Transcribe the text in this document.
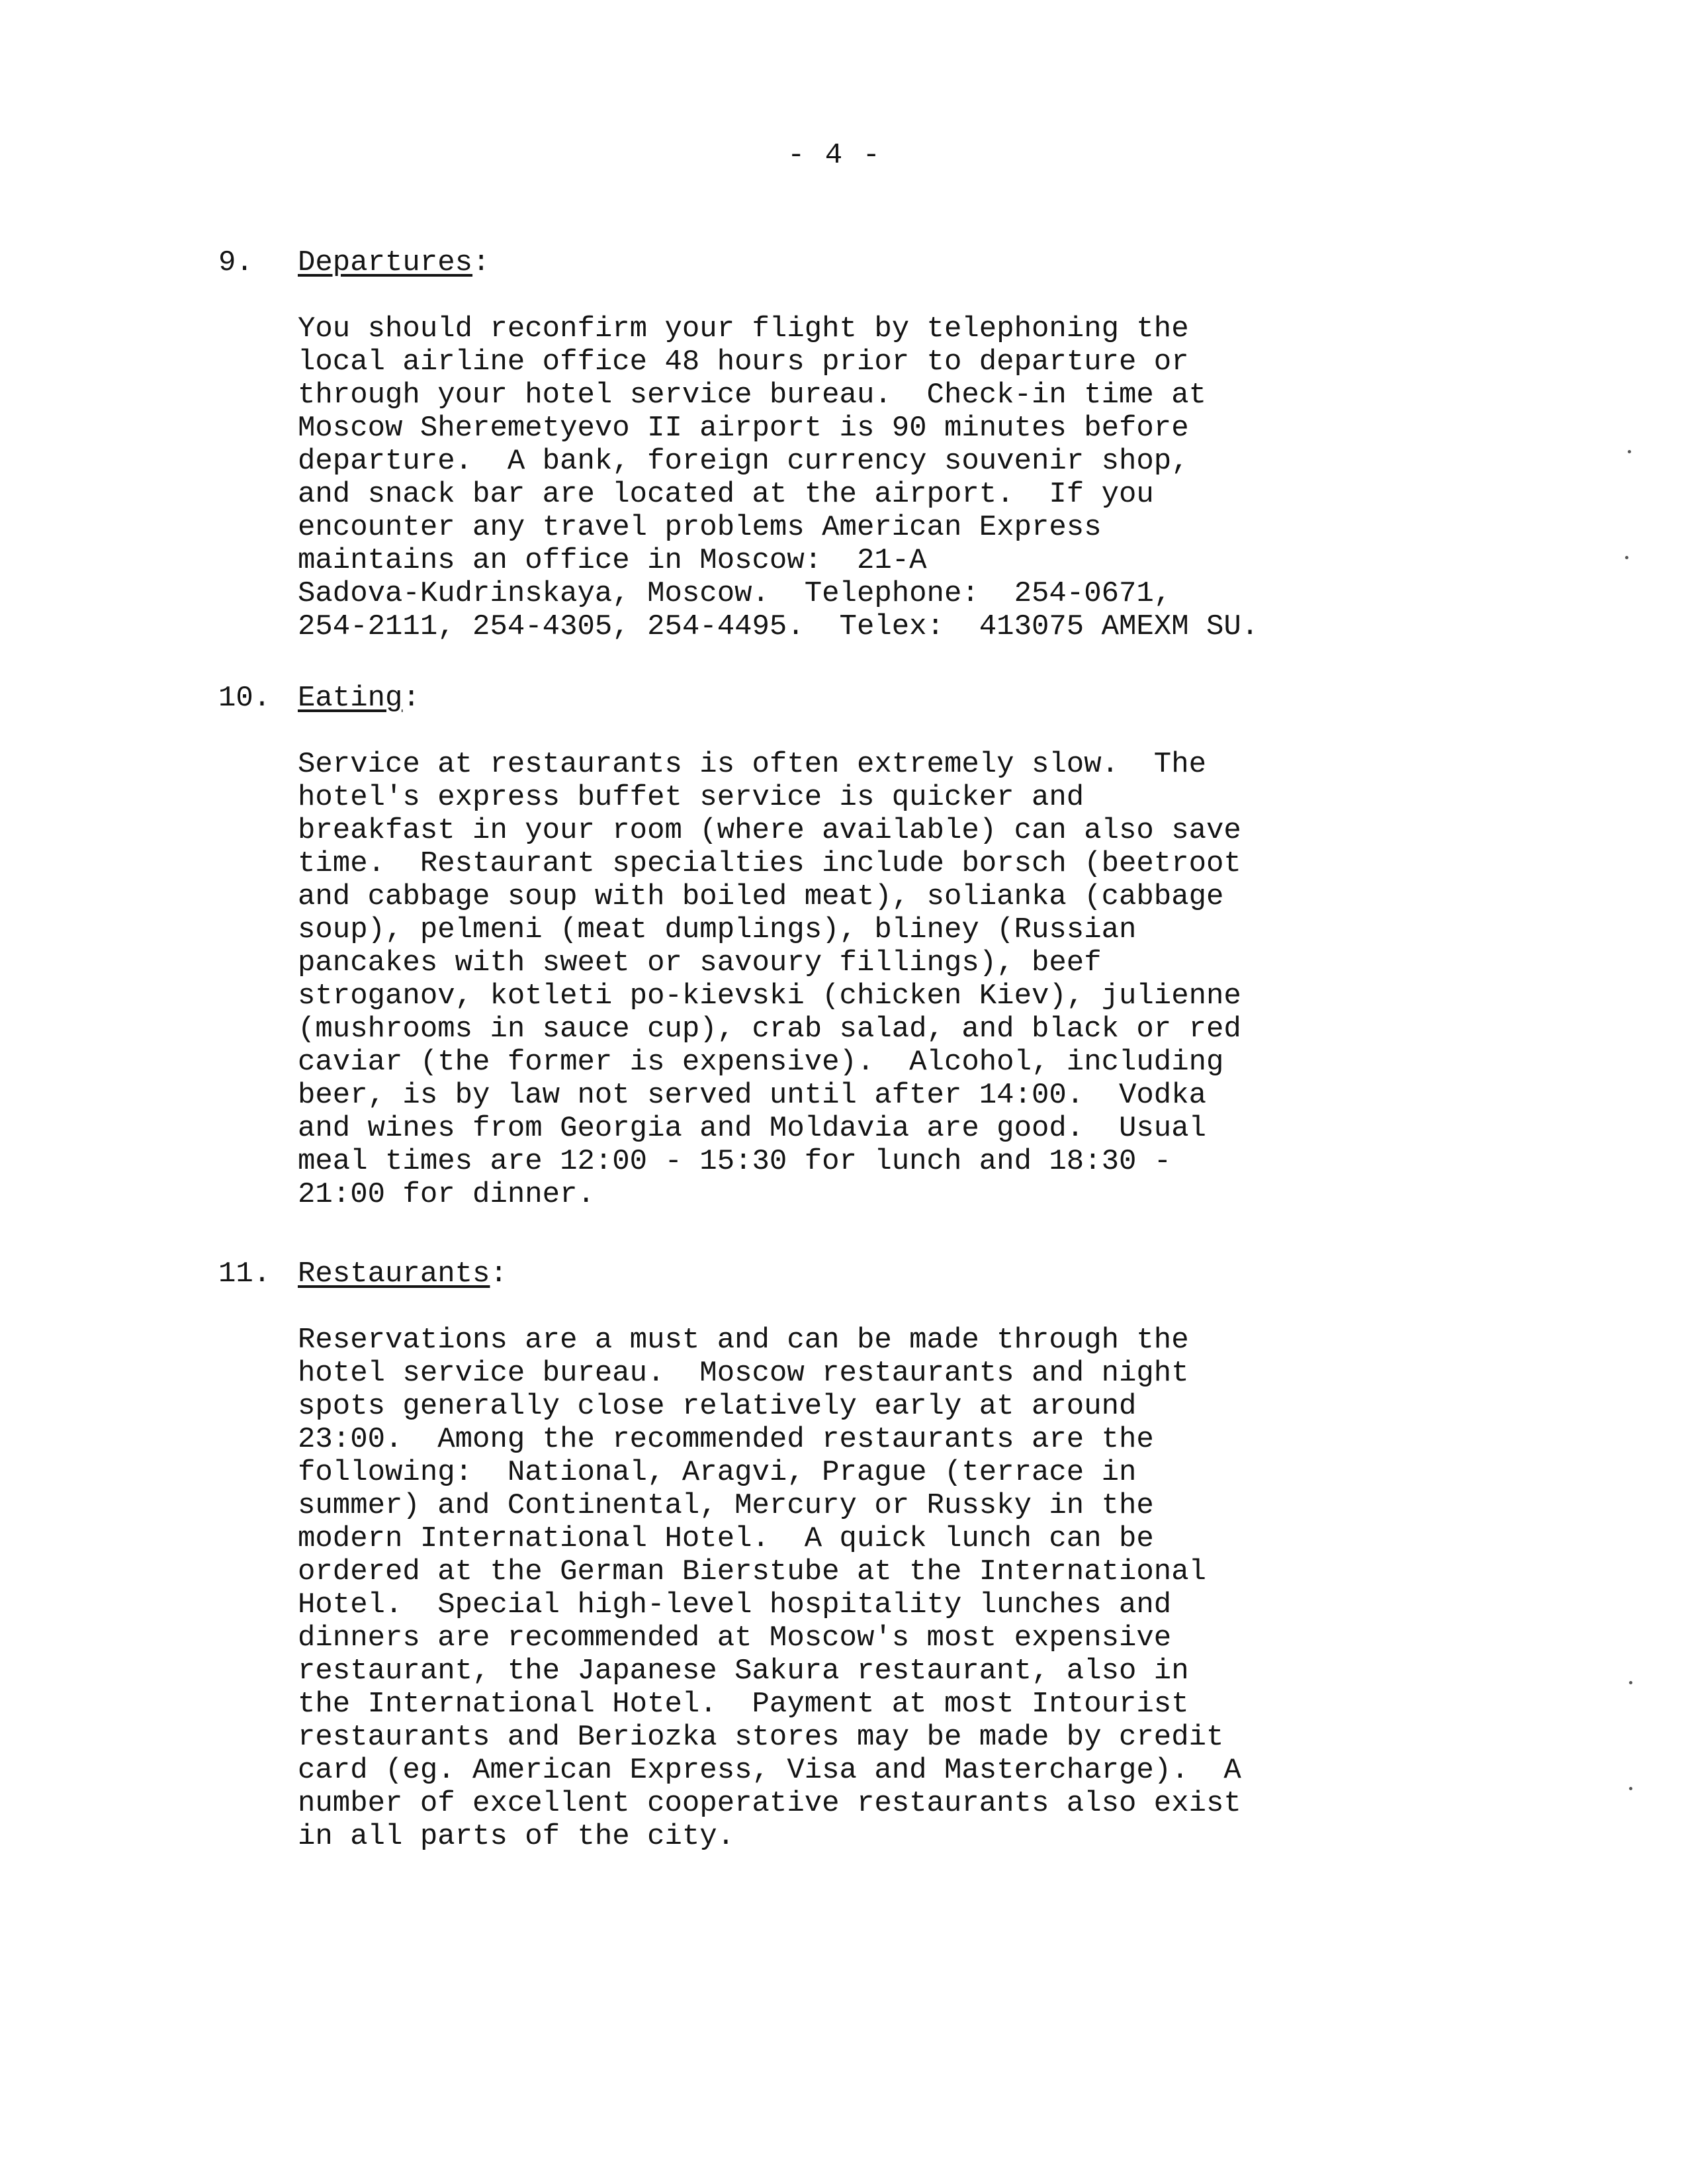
- 4 -
9. Departures:
You should reconfirm your flight by telephoning the
local airline office 48 hours prior to departure or
through your hotel service bureau.  Check-in time at
Moscow Sheremetyevo II airport is 90 minutes before
departure.  A bank, foreign currency souvenir shop,
and snack bar are located at the airport.  If you
encounter any travel problems American Express
maintains an office in Moscow:  21-A
Sadova-Kudrinskaya, Moscow.  Telephone:  254-0671,
254-2111, 254-4305, 254-4495.  Telex:  413075 AMEXM SU.
10. Eating:
Service at restaurants is often extremely slow.  The
hotel's express buffet service is quicker and
breakfast in your room (where available) can also save
time.  Restaurant specialties include borsch (beetroot
and cabbage soup with boiled meat), solianka (cabbage
soup), pelmeni (meat dumplings), bliney (Russian
pancakes with sweet or savoury fillings), beef
stroganov, kotleti po-kievski (chicken Kiev), julienne
(mushrooms in sauce cup), crab salad, and black or red
caviar (the former is expensive).  Alcohol, including
beer, is by law not served until after 14:00.  Vodka
and wines from Georgia and Moldavia are good.  Usual
meal times are 12:00 - 15:30 for lunch and 18:30 -
21:00 for dinner.
11. Restaurants:
Reservations are a must and can be made through the
hotel service bureau.  Moscow restaurants and night
spots generally close relatively early at around
23:00.  Among the recommended restaurants are the
following:  National, Aragvi, Prague (terrace in
summer) and Continental, Mercury or Russky in the
modern International Hotel.  A quick lunch can be
ordered at the German Bierstube at the International
Hotel.  Special high-level hospitality lunches and
dinners are recommended at Moscow's most expensive
restaurant, the Japanese Sakura restaurant, also in
the International Hotel.  Payment at most Intourist
restaurants and Beriozka stores may be made by credit
card (eg. American Express, Visa and Mastercharge).  A
number of excellent cooperative restaurants also exist
in all parts of the city.
